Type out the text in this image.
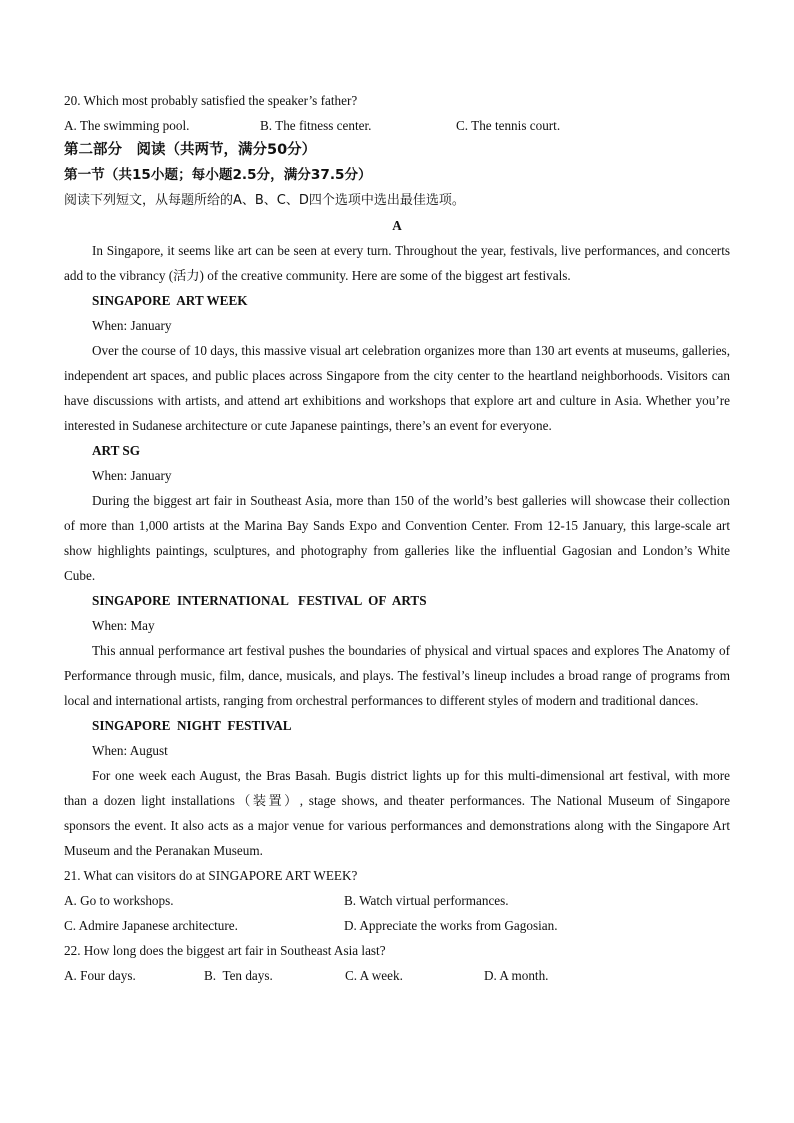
20. Which most probably satisfied the speaker’s father?
A. The swimming pool.	B. The fitness center.	C. The tennis court.
第二部分　阅读（共两节，满分50分）
第一节（共15小题；每小题2.5分，满分37.5分）
阅读下列短文，从每题所给的A、B、C、D四个选项中选出最佳选项。
A
In Singapore, it seems like art can be seen at every turn. Throughout the year, festivals, live performances, and concerts add to the vibrancy (活力) of the creative community. Here are some of the biggest art festivals.
SINGAPORE  ART WEEK
When: January
Over the course of 10 days, this massive visual art celebration organizes more than 130 art events at museums, galleries, independent art spaces, and public places across Singapore from the city center to the heartland neighborhoods. Visitors can have discussions with artists, and attend art exhibitions and workshops that explore art and culture in Asia. Whether you’re interested in Sudanese architecture or cute Japanese paintings, there’s an event for everyone.
ART SG
When: January
During the biggest art fair in Southeast Asia, more than 150 of the world’s best galleries will showcase their collection of more than 1,000 artists at the Marina Bay Sands Expo and Convention Center. From 12-15 January, this large-scale art show highlights paintings, sculptures, and photography from galleries like the influential Gagosian and London’s White Cube.
SINGAPORE  INTERNATIONAL   FESTIVAL  OF  ARTS
When: May
This annual performance art festival pushes the boundaries of physical and virtual spaces and explores The Anatomy of Performance through music, film, dance, musicals, and plays. The festival’s lineup includes a broad range of programs from local and international artists, ranging from orchestral performances to different styles of modern and traditional dances.
SINGAPORE  NIGHT  FESTIVAL
When: August
For one week each August, the Bras Basah. Bugis district lights up for this multi-dimensional art festival, with more than a dozen light installations（装置）, stage shows, and theater performances. The National Museum of Singapore sponsors the event. It also acts as a major venue for various performances and demonstrations along with the Singapore Art Museum and the Peranakan Museum.
21. What can visitors do at SINGAPORE ART WEEK?
A. Go to workshops.	B. Watch virtual performances.
C. Admire Japanese architecture.	D. Appreciate the works from Gagosian.
22. How long does the biggest art fair in Southeast Asia last?
A. Four days.	B.  Ten days.	C. A week.	D. A month.
